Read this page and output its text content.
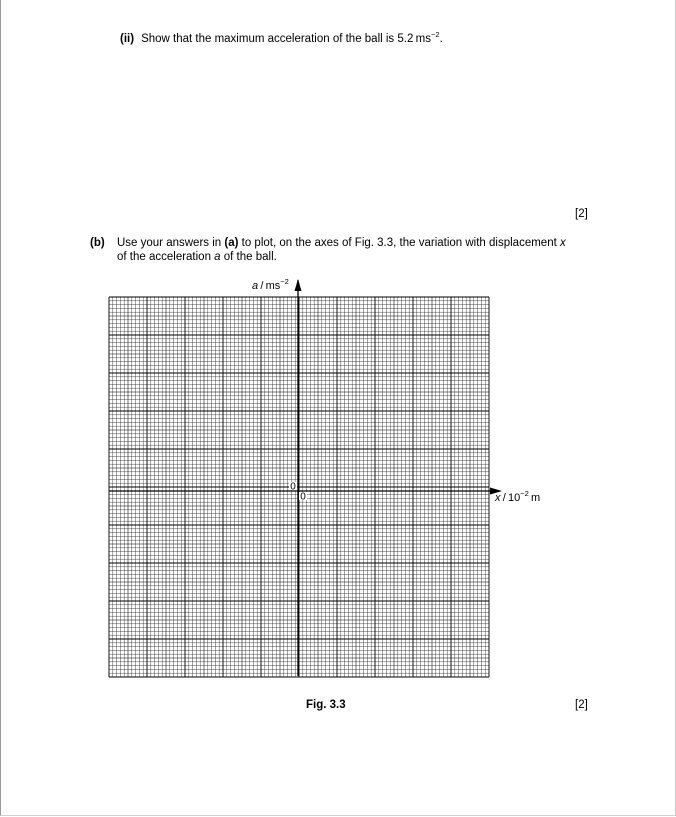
(ii) Show that the maximum acceleration of the ball is 5.2 $ms^{-2}$.
[2]
(b) Use your answers in (a) to plot, on the axes of Fig. 3.3, the variation with displacement x
of the acceleration a of the ball.
a / $ms^{-2}$
x / $10^{-2}$ m
0
0
Fig. 3.3	[2]
